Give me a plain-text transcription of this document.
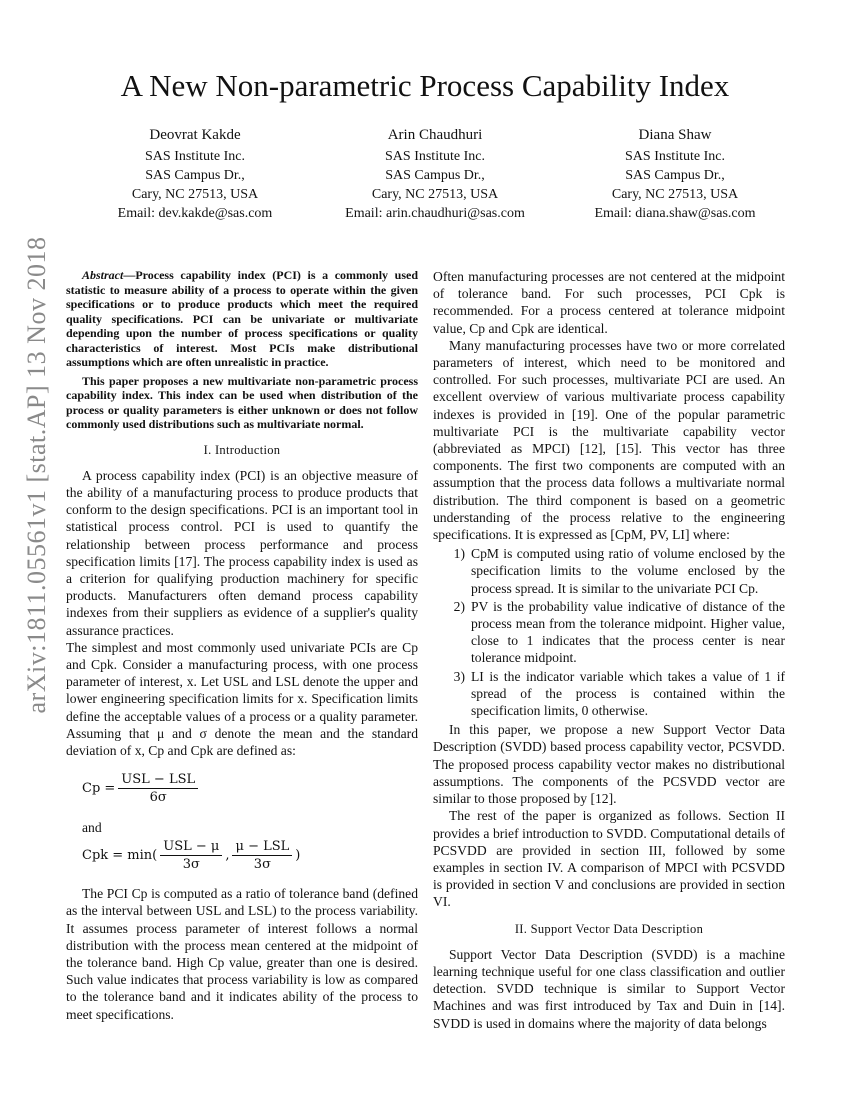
arXiv:1811.05561v1 [stat.AP] 13 Nov 2018
A New Non-parametric Process Capability Index
Deovrat Kakde
SAS Institute Inc.
SAS Campus Dr.,
Cary, NC 27513, USA
Email: dev.kakde@sas.com
Arin Chaudhuri
SAS Institute Inc.
SAS Campus Dr.,
Cary, NC 27513, USA
Email: arin.chaudhuri@sas.com
Diana Shaw
SAS Institute Inc.
SAS Campus Dr.,
Cary, NC 27513, USA
Email: diana.shaw@sas.com

Abstract—Process capability index (PCI) is a commonly used statistic to measure ability of a process to operate within the given specifications or to produce products which meet the required quality specifications. PCI can be univariate or multivariate depending upon the number of process specifications or quality characteristics of interest. Most PCIs make distributional assumptions which are often unrealistic in practice.

This paper proposes a new multivariate non-parametric process capability index. This index can be used when distribution of the process or quality parameters is either unknown or does not follow commonly used distributions such as multivariate normal.

I. Introduction

A process capability index (PCI) is an objective measure of the ability of a manufacturing process to produce products that conform to the design specifications. PCI is an important tool in statistical process control. PCI is used to quantify the relationship between process performance and process specification limits [17]. The process capability index is used as a criterion for qualifying production machinery for specific products. Manufacturers often demand process capability indexes from their suppliers as evidence of a supplier's quality assurance practices.

The simplest and most commonly used univariate PCIs are Cp and Cpk. Consider a manufacturing process, with one process parameter of interest, x. Let USL and LSL denote the upper and lower engineering specification limits for x. Specification limits define the acceptable values of a process or a quality parameter. Assuming that μ and σ denote the mean and the standard deviation of x, Cp and Cpk are defined as:

$Cp = \frac{\text{USL − LSL}}{6\sigma}$
and
Cpk = $\min( \frac{\text{USL − μ}}{3\sigma}$ , $\frac{\text{μ − LSL}}{3\sigma}$ )

The PCI Cp is computed as a ratio of tolerance band (defined as the interval between USL and LSL) to the process variability. It assumes process parameter of interest follows a normal distribution with the process mean centered at the midpoint of the tolerance band. High Cp value, greater than one is desired. Such value indicates that process variability is low as compared to the tolerance band and it indicates ability of the process to meet specifications.

Often manufacturing processes are not centered at the midpoint of tolerance band. For such processes, PCI Cpk is recommended. For a process centered at tolerance midpoint value, Cp and Cpk are identical.

Many manufacturing processes have two or more correlated parameters of interest, which need to be monitored and controlled. For such processes, multivariate PCI are used. An excellent overview of various multivariate process capability indexes is provided in [19]. One of the popular parametric multivariate PCI is the multivariate capability vector (abbreviated as MPCI) [12], [15]. This vector has three components. The first two components are computed with an assumption that the process data follows a multivariate normal distribution. The third component is based on a geometric understanding of the process relative to the engineering specifications. It is expressed as [CpM, PV, LI] where:

1) CpM is computed using ratio of volume enclosed by the specification limits to the volume enclosed by the process spread. It is similar to the univariate PCI Cp.
2) PV is the probability value indicative of distance of the process mean from the tolerance midpoint. Higher value, close to 1 indicates that the process center is near tolerance midpoint.
3) LI is the indicator variable which takes a value of 1 if spread of the process is contained within the specification limits, 0 otherwise.

In this paper, we propose a new Support Vector Data Description (SVDD) based process capability vector, PCSVDD. The proposed process capability vector makes no distributional assumptions. The components of the PCSVDD vector are similar to those proposed by [12].

The rest of the paper is organized as follows. Section II provides a brief introduction to SVDD. Computational details of PCSVDD are provided in section III, followed by some examples in section IV. A comparison of MPCI with PCSVDD is provided in section V and conclusions are provided in section VI.

II. Support Vector Data Description

Support Vector Data Description (SVDD) is a machine learning technique useful for one class classification and outlier detection. SVDD technique is similar to Support Vector Machines and was first introduced by Tax and Duin in [14]. SVDD is used in domains where the majority of data belongs
